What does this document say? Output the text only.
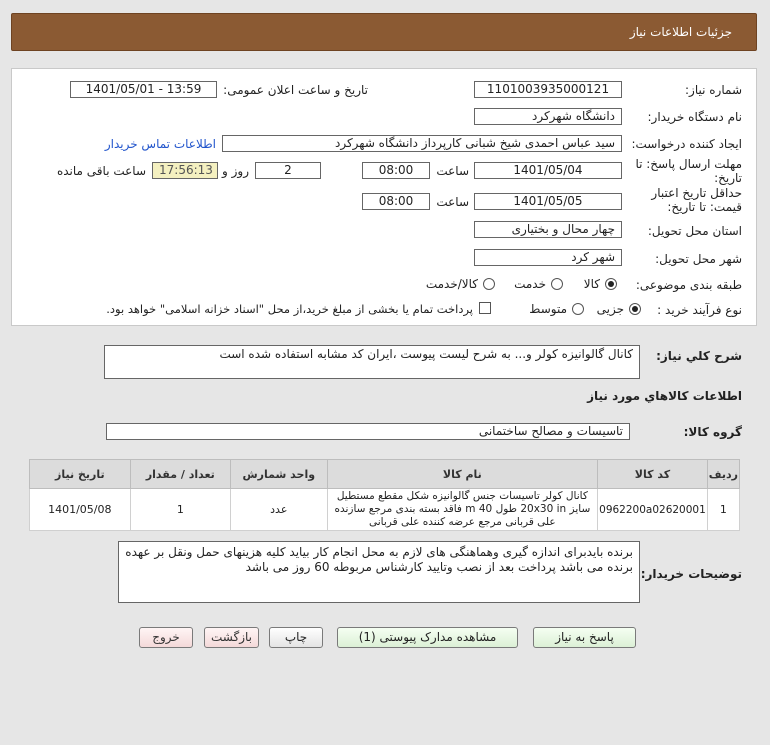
جزئیات اطلاعات نیاز
شماره نیاز:
1101003935000121
تاریخ و ساعت اعلان عمومی:
1401/05/01 - 13:59
نام دستگاه خریدار:
دانشگاه شهرکرد
ایجاد کننده درخواست:
سید عباس احمدی شیخ شبانی کارپرداز دانشگاه شهرکرد
اطلاعات تماس خریدار
مهلت ارسال پاسخ: تا تاریخ:
1401/05/04
ساعت
08:00
2
روز و
17:56:13
ساعت باقی مانده
حداقل تاریخ اعتبار قیمت: تا تاریخ:
1401/05/05
ساعت
08:00
استان محل تحویل:
چهار محال و بختیاری
شهر محل تحویل:
شهر کرد
طبقه بندی موضوعی:
کالا
خدمت
کالا/خدمت
نوع فرآیند خرید :
جزیی
متوسط
پرداخت تمام یا بخشی از مبلغ خرید،از محل "اسناد خزانه اسلامی" خواهد بود.
شرح کلي نياز:
کانال گالوانیزه کولر و... به شرح لیست پیوست ،ایران کد مشابه استفاده شده است
اطلاعات کالاهاي مورد نياز
گروه کالا:
تاسیسات و مصالح ساختمانی
ردیف	کد کالا	نام کالا	واحد شمارش	تعداد / مقدار	تاریخ نیاز
1	0962200a02620001	کانال کولر تاسیسات جنس گالوانیزه شکل مقطع مستطیل سایز 20x30 in طول m 40 فاقد بسته بندی مرجع سازنده علی قربانی مرجع عرضه کننده علی قربانی	عدد	1	1401/05/08
توضیحات خریدار:
برنده بایدبرای اندازه گیری وهماهنگی های لازم به محل انجام کار بیاید کلیه هزینهای حمل ونقل بر عهده برنده می باشد پرداخت بعد از نصب وتایید کارشناس مربوطه 60 روز می باشد
پاسخ به نیاز
مشاهده مدارک پیوستی (1)
چاپ
بازگشت
خروج
